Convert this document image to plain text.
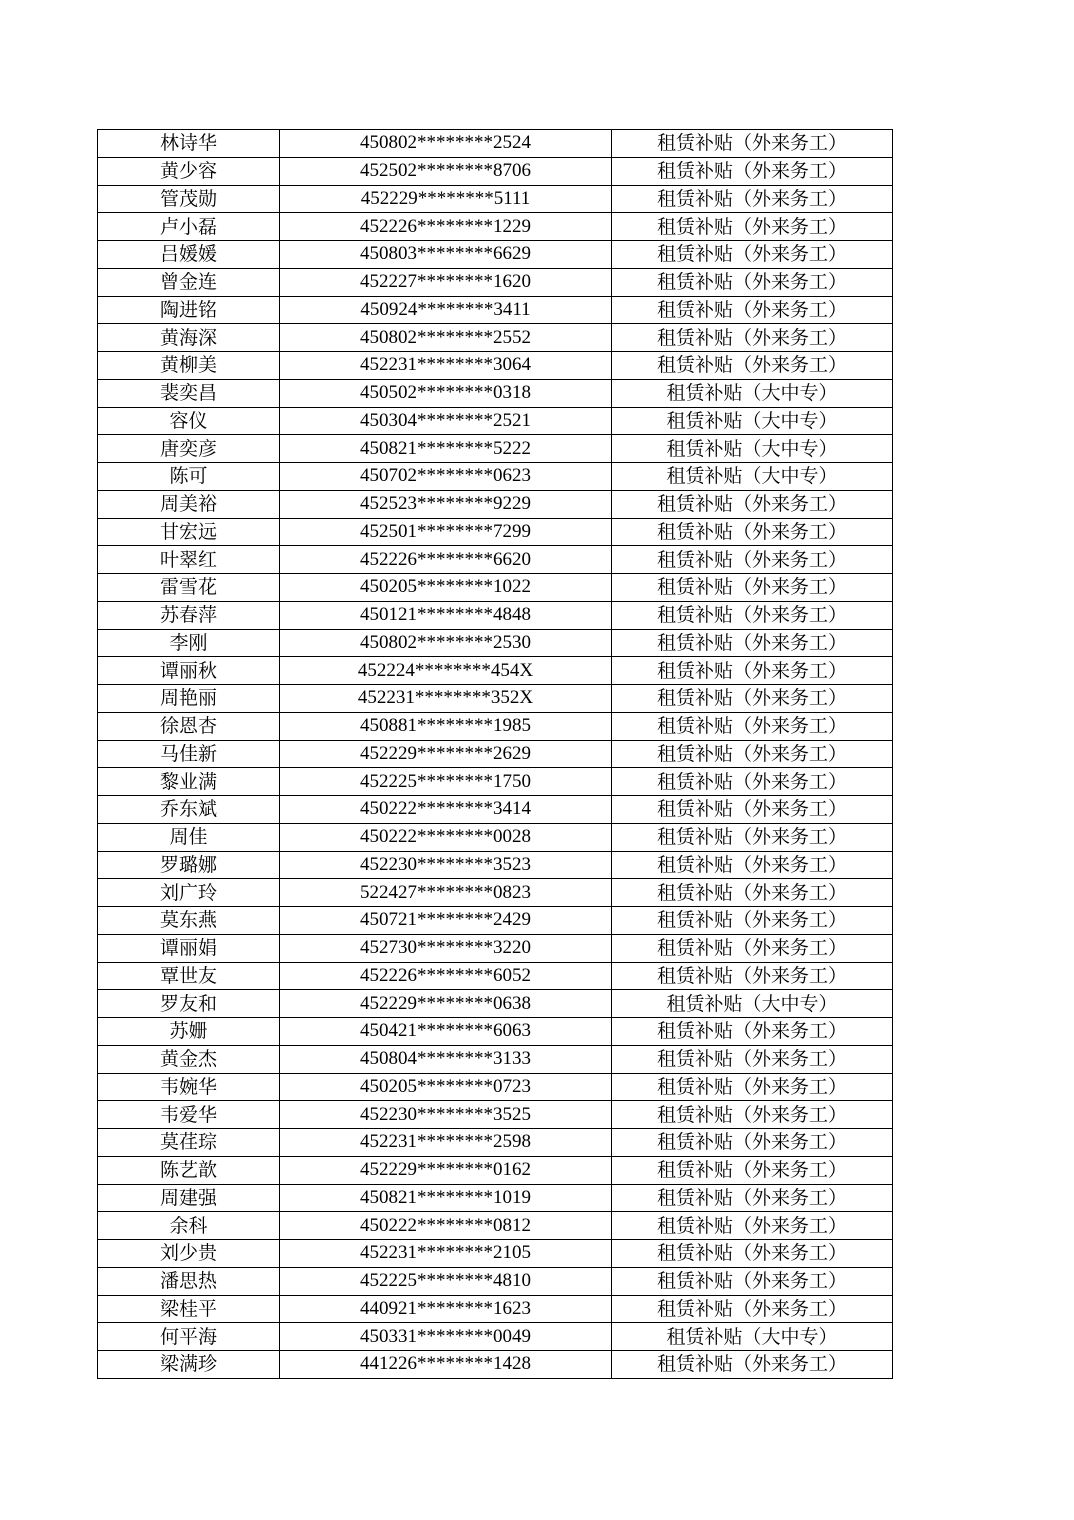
林诗华	450802********2524	租赁补贴（外来务工）
黄少容	452502********8706	租赁补贴（外来务工）
管茂勋	452229********5111	租赁补贴（外来务工）
卢小磊	452226********1229	租赁补贴（外来务工）
吕媛媛	450803********6629	租赁补贴（外来务工）
曾金连	452227********1620	租赁补贴（外来务工）
陶进铭	450924********3411	租赁补贴（外来务工）
黄海深	450802********2552	租赁补贴（外来务工）
黄柳美	452231********3064	租赁补贴（外来务工）
裴奕昌	450502********0318	租赁补贴（大中专）
容仪	450304********2521	租赁补贴（大中专）
唐奕彦	450821********5222	租赁补贴（大中专）
陈可	450702********0623	租赁补贴（大中专）
周美裕	452523********9229	租赁补贴（外来务工）
甘宏远	452501********7299	租赁补贴（外来务工）
叶翠红	452226********6620	租赁补贴（外来务工）
雷雪花	450205********1022	租赁补贴（外来务工）
苏春萍	450121********4848	租赁补贴（外来务工）
李刚	450802********2530	租赁补贴（外来务工）
谭丽秋	452224********454X	租赁补贴（外来务工）
周艳丽	452231********352X	租赁补贴（外来务工）
徐恩杏	450881********1985	租赁补贴（外来务工）
马佳新	452229********2629	租赁补贴（外来务工）
黎业满	452225********1750	租赁补贴（外来务工）
乔东斌	450222********3414	租赁补贴（外来务工）
周佳	450222********0028	租赁补贴（外来务工）
罗璐娜	452230********3523	租赁补贴（外来务工）
刘广玲	522427********0823	租赁补贴（外来务工）
莫东燕	450721********2429	租赁补贴（外来务工）
谭丽娟	452730********3220	租赁补贴（外来务工）
覃世友	452226********6052	租赁补贴（外来务工）
罗友和	452229********0638	租赁补贴（大中专）
苏姗	450421********6063	租赁补贴（外来务工）
黄金杰	450804********3133	租赁补贴（外来务工）
韦婉华	450205********0723	租赁补贴（外来务工）
韦爱华	452230********3525	租赁补贴（外来务工）
莫荏琮	452231********2598	租赁补贴（外来务工）
陈艺歆	452229********0162	租赁补贴（外来务工）
周建强	450821********1019	租赁补贴（外来务工）
余科	450222********0812	租赁补贴（外来务工）
刘少贵	452231********2105	租赁补贴（外来务工）
潘思热	452225********4810	租赁补贴（外来务工）
梁桂平	440921********1623	租赁补贴（外来务工）
何平海	450331********0049	租赁补贴（大中专）
梁满珍	441226********1428	租赁补贴（外来务工）
